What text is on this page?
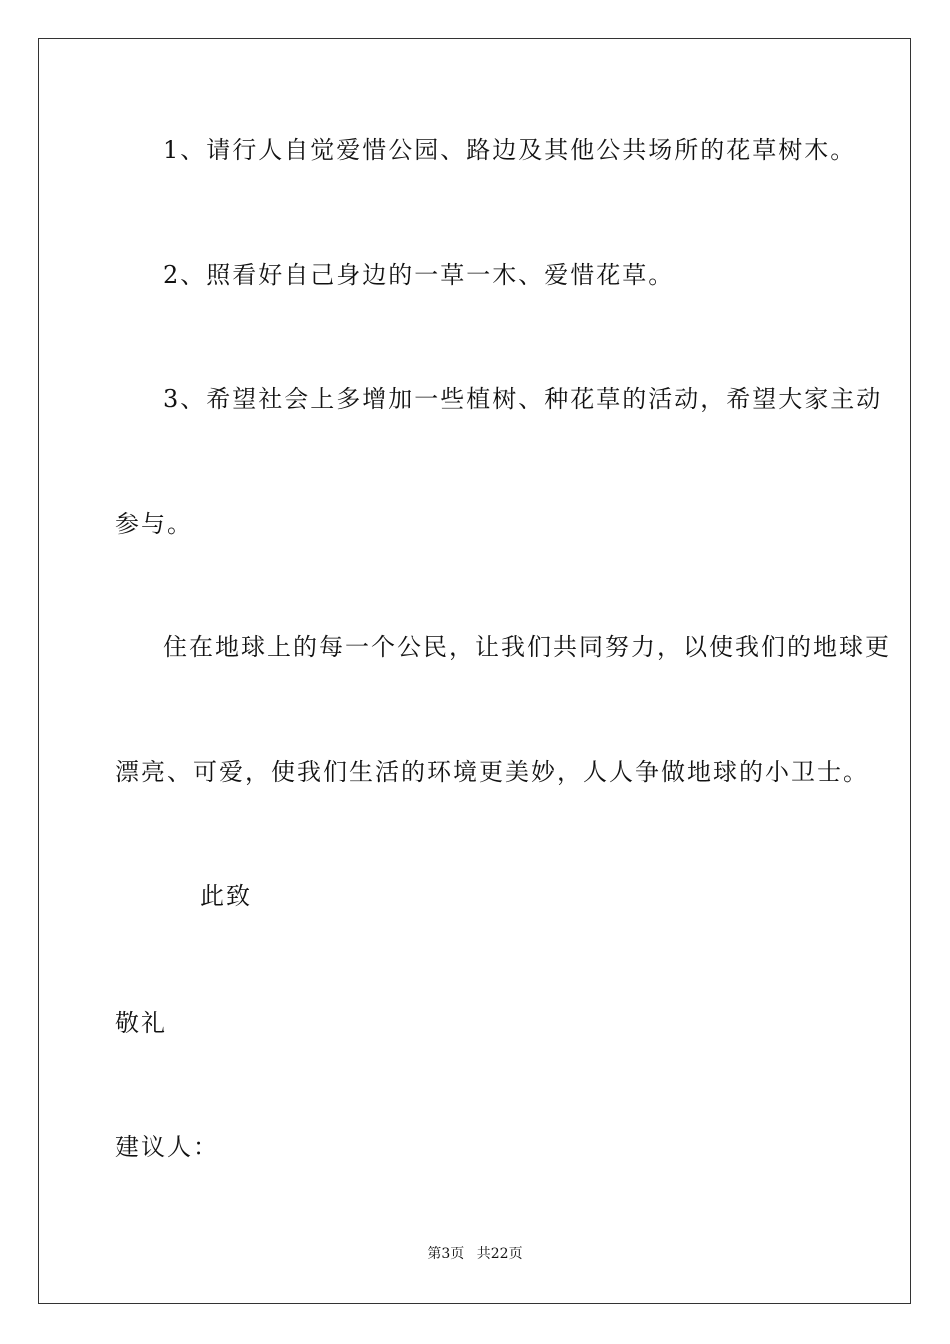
1、请行人自觉爱惜公园、路边及其他公共场所的花草树木。
2、照看好自己身边的一草一木、爱惜花草。
3、希望社会上多增加一些植树、种花草的活动，希望大家主动
参与。
住在地球上的每一个公民，让我们共同努力，以使我们的地球更
漂亮、可爱，使我们生活的环境更美妙，人人争做地球的小卫士。
此致
敬礼
建议人：
第3页 共22页
